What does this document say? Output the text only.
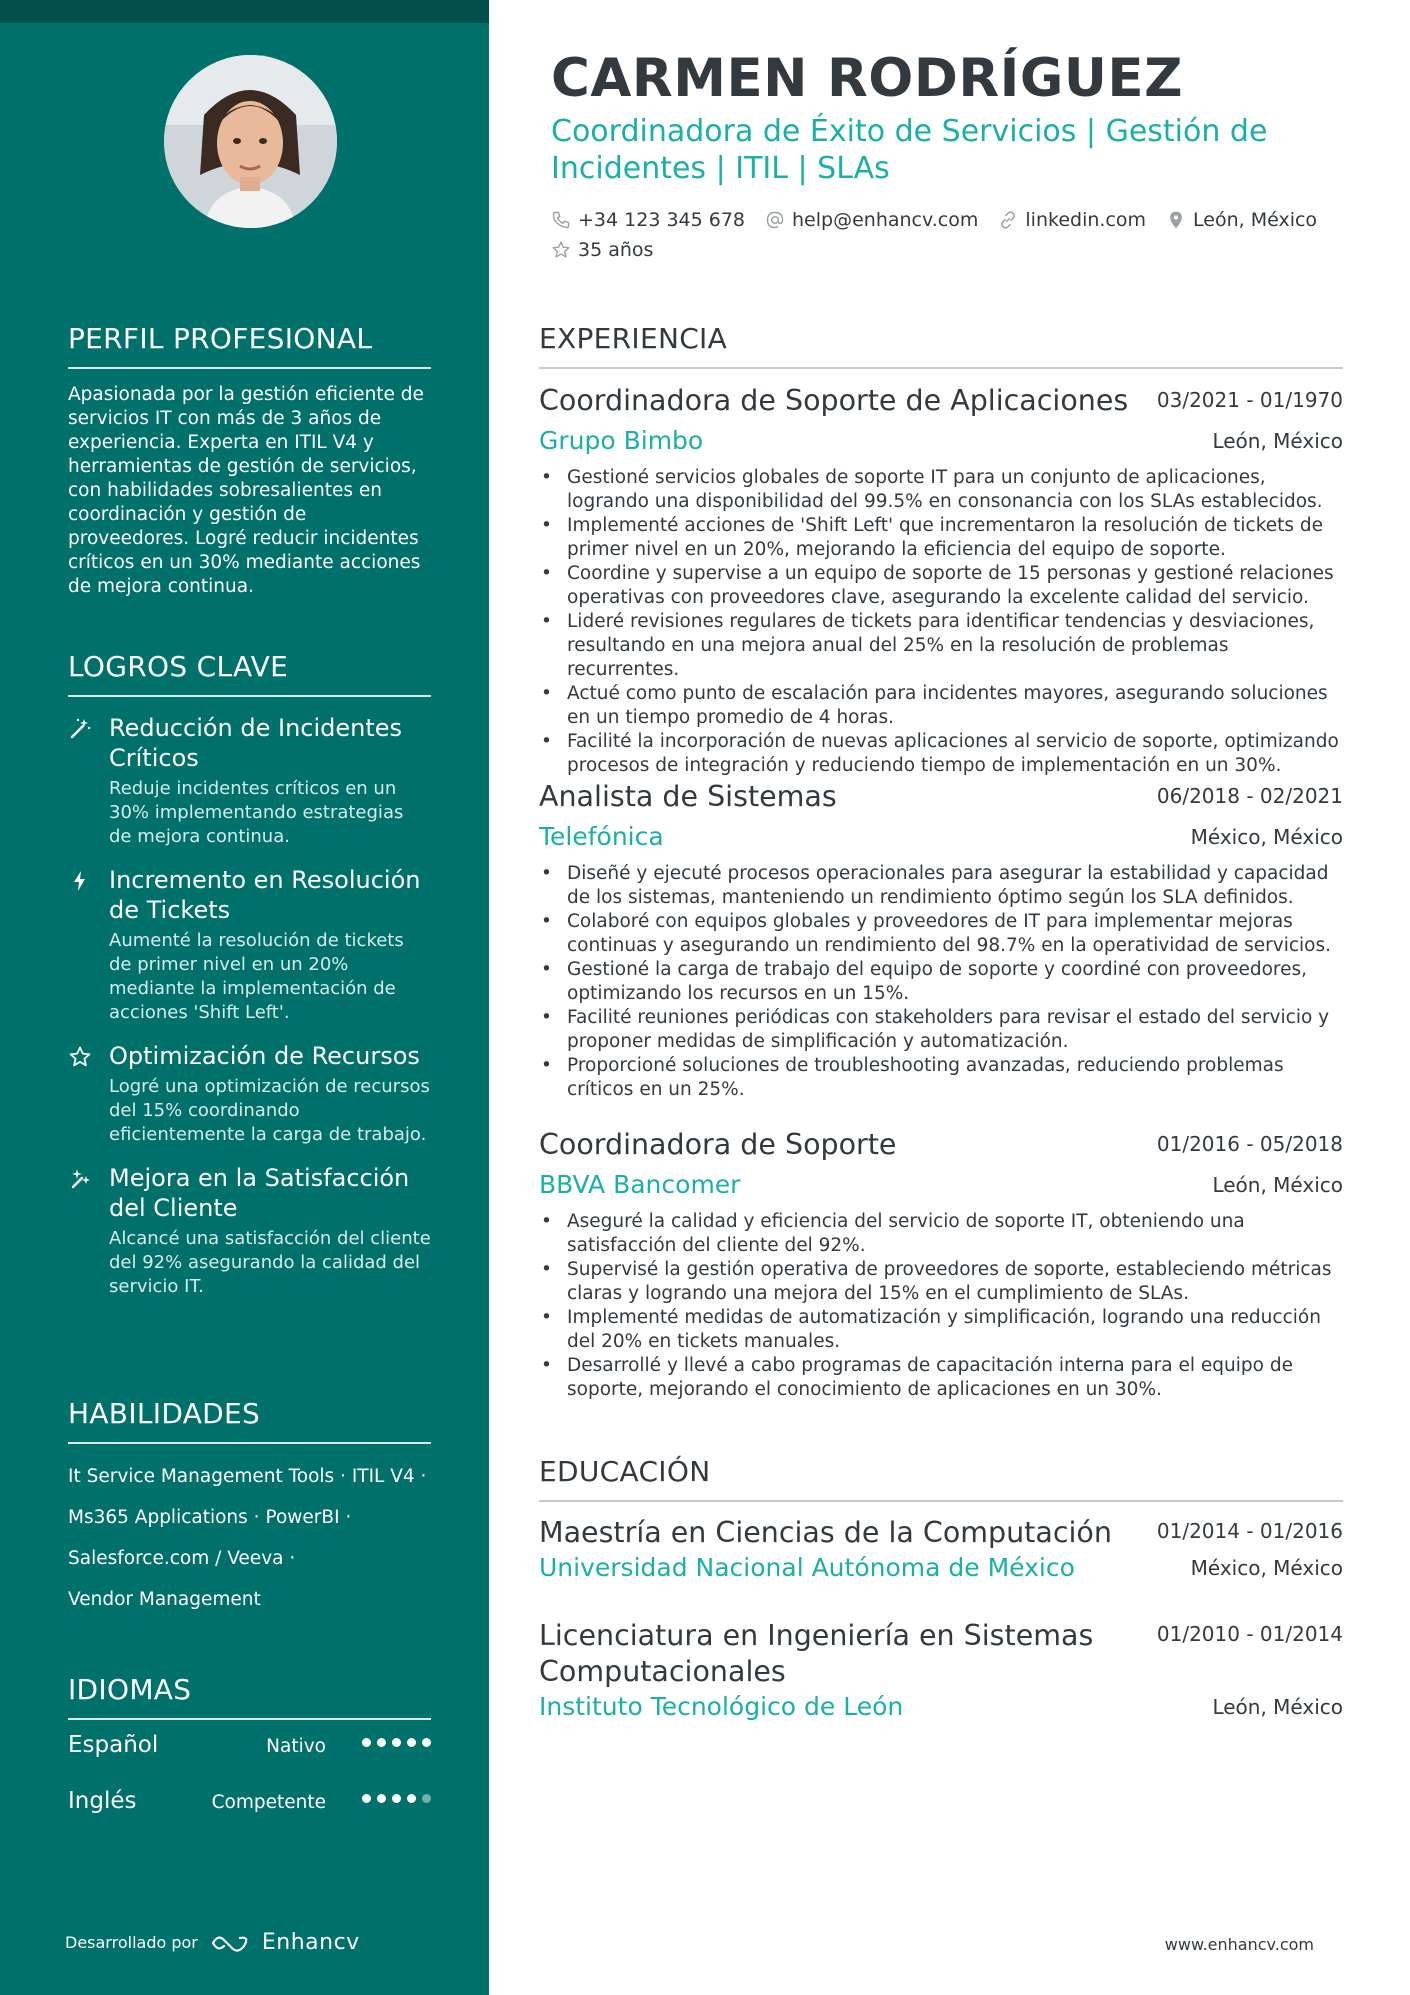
PERFIL PROFESIONAL
Apasionada por la gestión eficiente de servicios IT con más de 3 años de experiencia. Experta en ITIL V4 y herramientas de gestión de servicios, con habilidades sobresalientes en coordinación y gestión de proveedores. Logré reducir incidentes críticos en un 30% mediante acciones de mejora continua.
LOGROS CLAVE
Reducción de Incidentes Críticos
Reduje incidentes críticos en un 30% implementando estrategias de mejora continua.
Incremento en Resolución de Tickets
Aumenté la resolución de tickets de primer nivel en un 20% mediante la implementación de acciones 'Shift Left'.
Optimización de Recursos
Logré una optimización de recursos del 15% coordinando eficientemente la carga de trabajo.
Mejora en la Satisfacción del Cliente
Alcancé una satisfacción del cliente del 92% asegurando la calidad del servicio IT.
HABILIDADES
It Service Management Tools · ITIL V4 ·
Ms365 Applications · PowerBI ·
Salesforce.com / Veeva ·
Vendor Management
IDIOMAS
Español	Nativo
Inglés	Competente
Desarrollado por	Enhancv
CARMEN RODRÍGUEZ
Coordinadora de Éxito de Servicios | Gestión de Incidentes | ITIL | SLAs
+34 123 345 678 help@enhancv.com linkedin.com León, México
35 años
EXPERIENCIA
Coordinadora de Soporte de Aplicaciones 03/2021 - 01/1970
Grupo Bimbo	León, México
• Gestioné servicios globales de soporte IT para un conjunto de aplicaciones, logrando una disponibilidad del 99.5% en consonancia con los SLAs establecidos.
• Implementé acciones de 'Shift Left' que incrementaron la resolución de tickets de primer nivel en un 20%, mejorando la eficiencia del equipo de soporte.
• Coordine y supervise a un equipo de soporte de 15 personas y gestioné relaciones operativas con proveedores clave, asegurando la excelente calidad del servicio.
• Lideré revisiones regulares de tickets para identificar tendencias y desviaciones, resultando en una mejora anual del 25% en la resolución de problemas recurrentes.
• Actué como punto de escalación para incidentes mayores, asegurando soluciones en un tiempo promedio de 4 horas.
• Facilité la incorporación de nuevas aplicaciones al servicio de soporte, optimizando procesos de integración y reduciendo tiempo de implementación en un 30%.
Analista de Sistemas	06/2018 - 02/2021
Telefónica	México, México
• Diseñé y ejecuté procesos operacionales para asegurar la estabilidad y capacidad de los sistemas, manteniendo un rendimiento óptimo según los SLA definidos.
• Colaboré con equipos globales y proveedores de IT para implementar mejoras continuas y asegurando un rendimiento del 98.7% en la operatividad de servicios.
• Gestioné la carga de trabajo del equipo de soporte y coordiné con proveedores, optimizando los recursos en un 15%.
• Facilité reuniones periódicas con stakeholders para revisar el estado del servicio y proponer medidas de simplificación y automatización.
• Proporcioné soluciones de troubleshooting avanzadas, reduciendo problemas críticos en un 25%.
Coordinadora de Soporte	01/2016 - 05/2018
BBVA Bancomer	León, México
• Aseguré la calidad y eficiencia del servicio de soporte IT, obteniendo una satisfacción del cliente del 92%.
• Supervisé la gestión operativa de proveedores de soporte, estableciendo métricas claras y logrando una mejora del 15% en el cumplimiento de SLAs.
• Implementé medidas de automatización y simplificación, logrando una reducción del 20% en tickets manuales.
• Desarrollé y llevé a cabo programas de capacitación interna para el equipo de soporte, mejorando el conocimiento de aplicaciones en un 30%.
EDUCACIÓN
Maestría en Ciencias de la Computación	01/2014 - 01/2016
Universidad Nacional Autónoma de México	México, México
Licenciatura en Ingeniería en Sistemas Computacionales
01/2010 - 01/2014
Instituto Tecnológico de León	León, México
www.enhancv.com
